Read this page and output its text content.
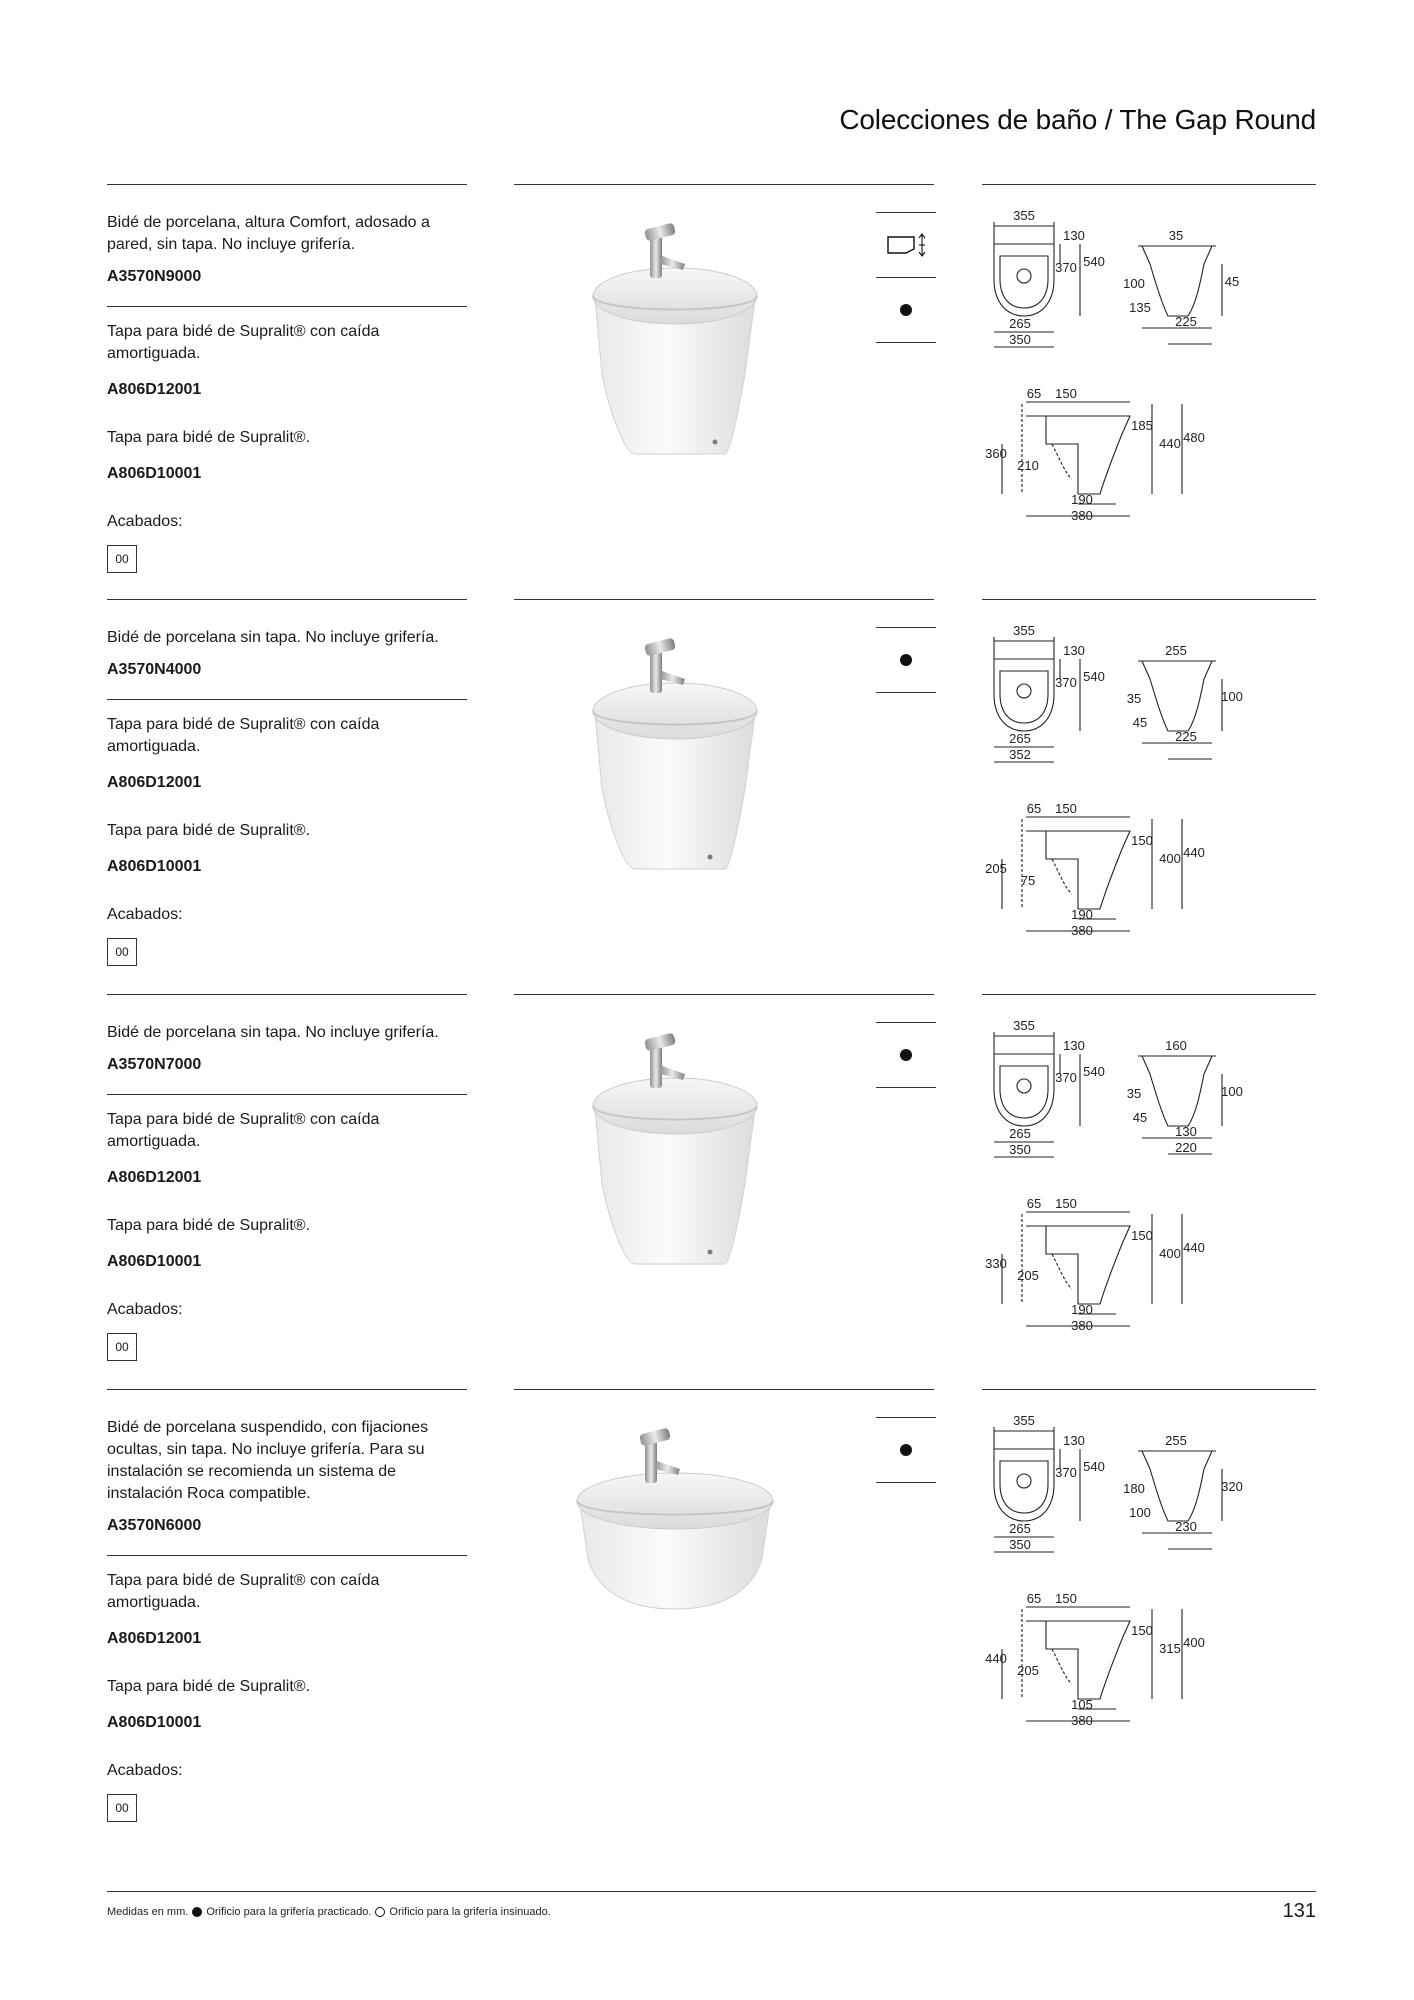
Colecciones de baño / The Gap Round
Bidé de porcelana, altura Comfort, adosado a pared, sin tapa. No incluye grifería.
A3570N9000
Tapa para bidé de Supralit® con caída amortiguada.
A806D12001
Tapa para bidé de Supralit®.
A806D10001
Acabados:
00
355
130
370 540
265
350
35
100	45
135
225
65 150
185
440 480
360
210
190
380
Bidé de porcelana sin tapa. No incluye grifería.
A3570N4000
Tapa para bidé de Supralit® con caída amortiguada.
A806D12001
Tapa para bidé de Supralit®.
A806D10001
Acabados:
00
355
130
370 540
265
352
255
35	100
45
225
65 150
150
400 440
205
75
190
380
Bidé de porcelana sin tapa. No incluye grifería.
A3570N7000
Tapa para bidé de Supralit® con caída amortiguada.
A806D12001
Tapa para bidé de Supralit®.
A806D10001
Acabados:
00
355
130
370 540
265
350
160
35	100
45
130
220
65 150
150
400 440
330
205
190
380
Bidé de porcelana suspendido, con fijaciones ocultas, sin tapa. No incluye grifería. Para su instalación se recomienda un sistema de instalación Roca compatible.
A3570N6000
Tapa para bidé de Supralit® con caída amortiguada.
A806D12001
Tapa para bidé de Supralit®.
A806D10001
Acabados:
00
355
130
370 540
265
350
255
180	320
100
230
65 150
150
315 400
440
205
105
380
Medidas en mm. Orificio para la grifería practicado. Orificio para la grifería insinuado.	131
